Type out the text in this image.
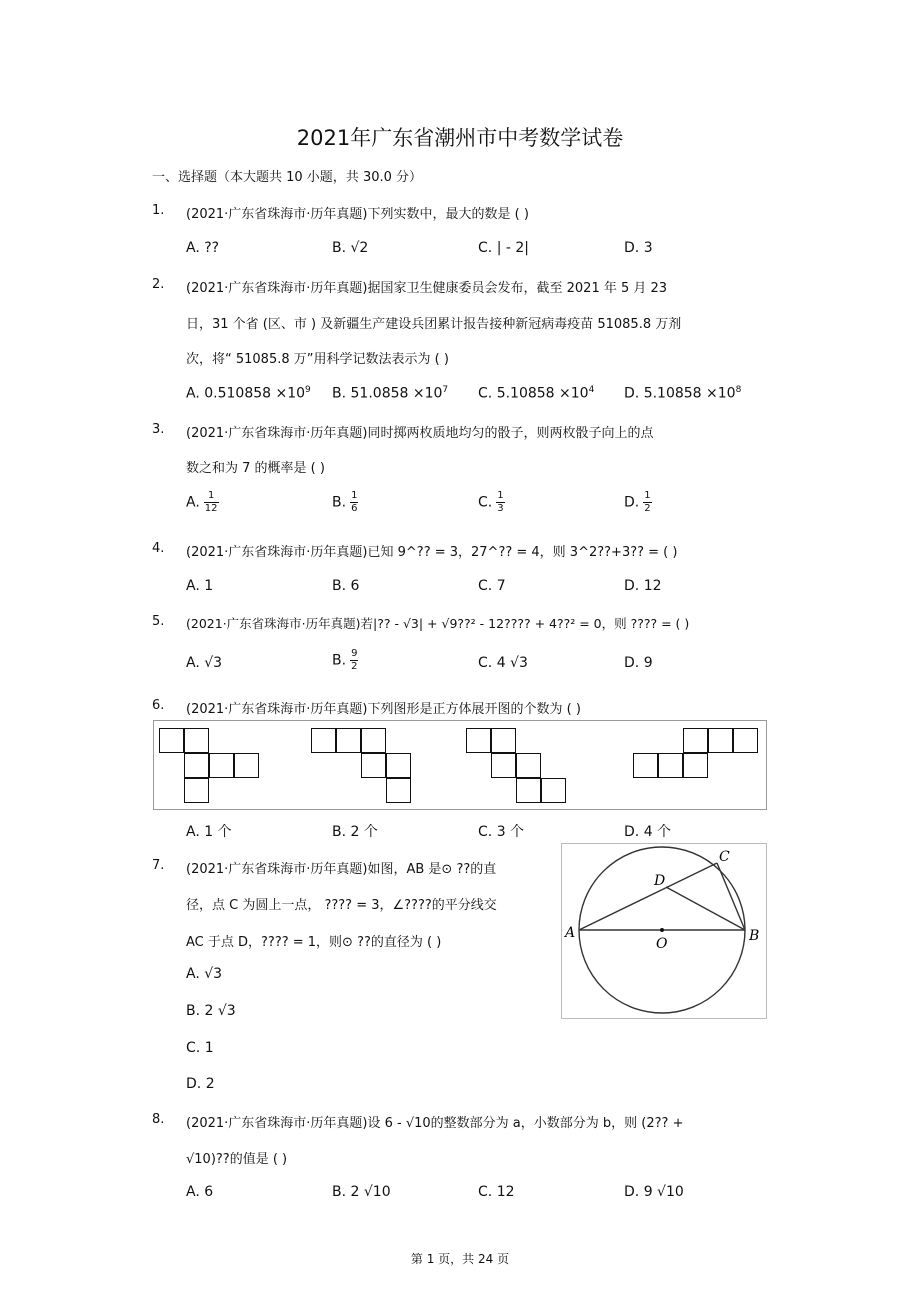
2021年广东省潮州市中考数学试卷
一、选择题（本大题共 10 小题，共 30.0 分）
1. (2021·广东省珠海市·历年真题)下列实数中，最大的数是 ( )
A. ??	B. √2	C. | - 2|	D. 3
2. (2021·广东省珠海市·历年真题)据国家卫生健康委员会发布，截至 2021 年 5 月 23
日，31 个省 (区、市 ) 及新疆生产建设兵团累计报告接种新冠病毒疫苗 51085.8 万剂
次，将“ 51085.8 万”用科学记数法表示为 ( )
A. $0.510858 \times 10^9$ B. $51.0858 \times 10^7$ C. $5.10858 \times 10^4$ D. $5.10858 \times 10^8$
3. (2021·广东省珠海市·历年真题)同时掷两枚质地均匀的骰子，则两枚骰子向上的点
数之和为 7 的概率是 ( )
A. $\frac{1}{12}$	B. $\frac{1}{6}$	C. $\frac{1}{3}$	D. $\frac{1}{2}$
4. (2021·广东省珠海市·历年真题)已知 9^?? = 3，27^?? = 4，则 3^2??+3?? = ( )
A. 1	B. 6	C. 7	D. 12
5. (2021·广东省珠海市·历年真题)若|?? - √3| + √9??² - 12???? + 4??² = 0，则 ???? = ( )
A. √3	B. $\frac{9}{2}$	C. 4 √3	D. 9
6. (2021·广东省珠海市·历年真题)下列图形是正方体展开图的个数为 ( )
A. 1 个	B. 2 个	C. 3 个	D. 4 个
7. (2021·广东省珠海市·历年真题)如图，AB 是⊙ ??的直
径，点 C 为圆上一点， ???? = 3，∠????的平分线交
AC 于点 D，???? = 1，则⊙ ??的直径为 ( )
A. √3
B. 2 √3
C. 1
D. 2
A	B
C
D
O
8. (2021·广东省珠海市·历年真题)设 6 - √10的整数部分为 a，小数部分为 b，则 (2?? +
√10)??的值是 ( )
A. 6	B. 2 √10	C. 12	D. 9 √10
第 1 页，共 24 页
